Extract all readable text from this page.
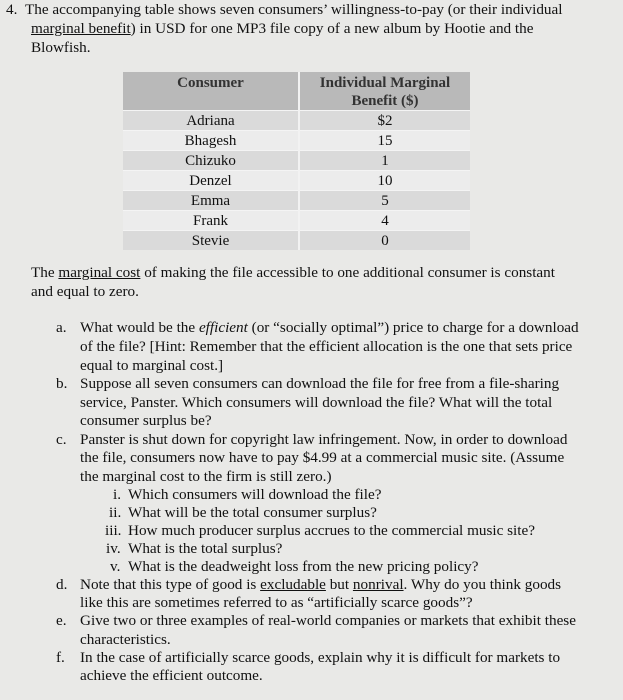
4.
Consumer	Individual Marginal Benefit ($)
Adriana	$2
Bhagesh	15
Chizuko	1
Denzel	10
Emma	5
Frank	4
Stevie	0
The accompanying table shows seven consumers’ willingness-to-pay (or their individual
marginal benefit) in USD for one MP3 file copy of a new album by Hootie and the
Blowfish.
The marginal cost of making the file accessible to one additional consumer is constant
and equal to zero.
a. What would be the efficient (or “socially optimal”) price to charge for a download
of the file? [Hint: Remember that the efficient allocation is the one that sets price
equal to marginal cost.]
b. Suppose all seven consumers can download the file for free from a file-sharing
service, Panster. Which consumers will download the file? What will the total
consumer surplus be?
c. Panster is shut down for copyright law infringement. Now, in order to download
the file, consumers now have to pay $4.99 at a commercial music site. (Assume
the marginal cost to the firm is still zero.)
i. Which consumers will download the file?
ii. What will be the total consumer surplus?
iii. How much producer surplus accrues to the commercial music site?
iv. What is the total surplus?
v. What is the deadweight loss from the new pricing policy?
d. Note that this type of good is excludable but nonrival. Why do you think goods
like this are sometimes referred to as “artificially scarce goods”?
e. Give two or three examples of real-world companies or markets that exhibit these
characteristics.
f. In the case of artificially scarce goods, explain why it is difficult for markets to
achieve the efficient outcome.
